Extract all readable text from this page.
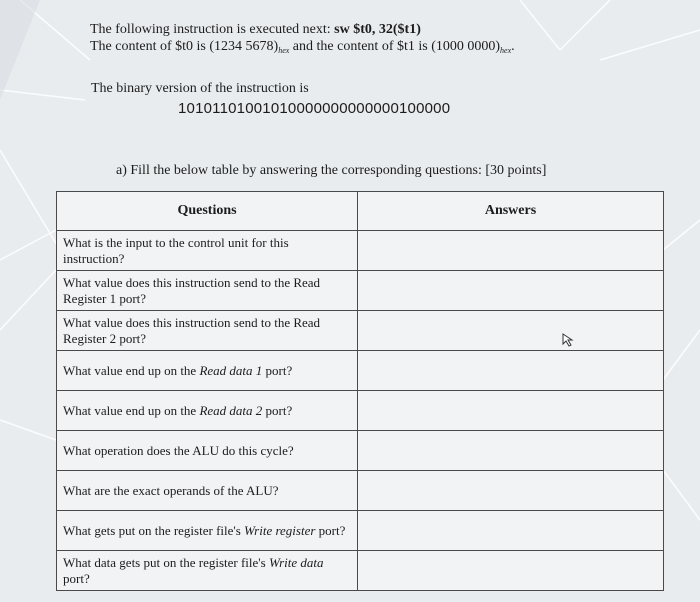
The following instruction is executed next: sw $t0, 32($t1)
The content of $t0 is (1234 $5678)_{hex}$ and the content of $t1 is (1000 $0000)_{hex}$.
The binary version of the instruction is
10101101001010000000000000100000
a) Fill the below table by answering the corresponding questions: [30 points]
Questions	Answers
What is the input to the control unit for this instruction?	
What value does this instruction send to the Read Register 1 port?	
What value does this instruction send to the Read Register 2 port?	
What value end up on the Read data 1 port?	
What value end up on the Read data 2 port?	
What operation does the ALU do this cycle?	
What are the exact operands of the ALU?	
What gets put on the register file's Write register port?	
What data gets put on the register file's Write data port?	
